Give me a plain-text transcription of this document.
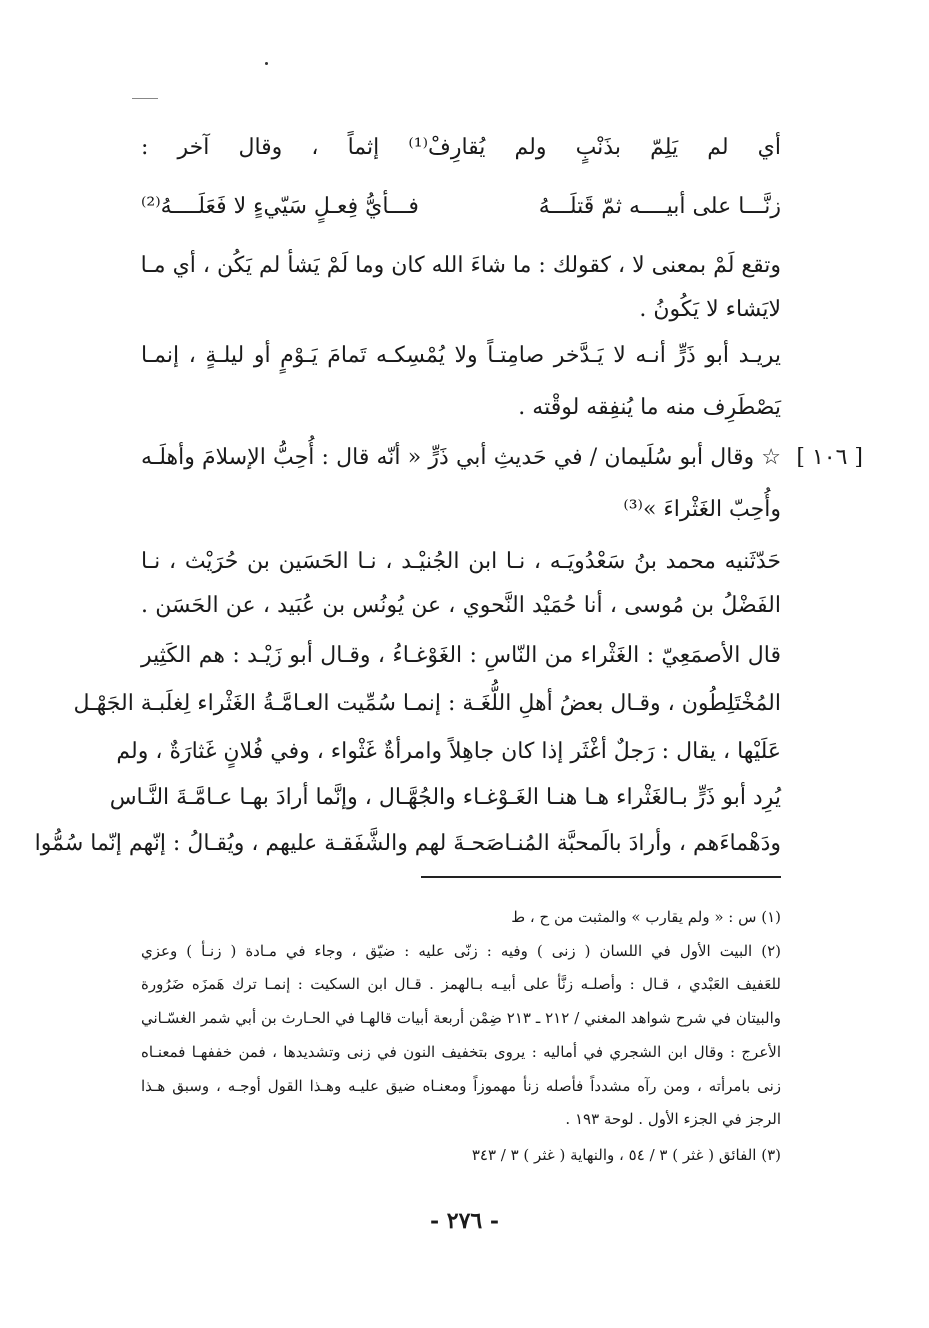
أي لم يَلِمّ بذَنْبٍ ولم يُقارِفْ⁽¹⁾ إثماً ، وقال آخر :
زنَّـــا على أبيــــه ثمّ قَتلَـــهُ
فـــأيُّ فِعـلٍ سَيّيءٍ لا فَعَلَــــهُ⁽²⁾
وتقع لَمْ بمعنى لا ، كقولك : ما شاءَ الله كان وما لَمْ يَشأ لم يَكُن ، أي مـا
لايَشاء لا يَكُونُ .
يريـد أبو ذَرٍّ أنـه لا يَـدَّخر صامِتـاً ولا يُمْسِكـه تَمامَ يَـوْمٍ أو ليلـةٍ ، إنمـا
يَصْطَرِف منه ما يُنفِقه لوقْته .
[ ١٠٦ ]
☆ وقال أبو سُلَيمان / في حَديثِ أبي ذَرٍّ « أنّه قال : أُحِبُّ الإسلامَ وأهلَـه
وأُحِبّ الغَثْراءَ »⁽³⁾
حَدّثَنيه محمد بنُ سَعْدُويَـه ، نـا ابن الجُنيْـد ، نـا الحَسَين بن حُرَيْث ، نـا
الفَضْلُ بن مُوسى ، أنا حُمَيْد النَّحوي ، عن يُونُس بن عُبَيد ، عن الحَسَن .
قال الأصمَعِيّ : الغَثْراء من النّاسِ : الغَوْغـاءُ ، وقـال أبو زَيْـد : هم الكَثِير
المُخْتَلِطُون ، وقـال بعضُ أهلِ اللُّغَـة : إنمـا سُمِّيت العـامَّـةُ الغَثْراء لِغلَبـة الجَهْـل
عَلَيْها ، يقال : رَجلٌ أغْثَر إذا كان جاهِلاً وامرأةٌ غَثْواء ، وفي فُلانٍ غَثارَةٌ ، ولم
يُرِد أبو ذَرٍّ بـالغَثْراء هـا هنـا الغَـوْغـاء والجُهَّـال ، وإنَّما أرادَ بهـا عـامَّـةَ النَّـاس
ودَهْماءَهم ، وأرادَ بالَمحبَّة المُنـاصَحـةَ لهم والشَّفَقـة عليهم ، ويُقـالُ : إنّهم إنّما سُمُّوا
(١) س : « ولم يقارب » والمثبت من ح ، ط
(٢) البيت الأول في اللسان ( زنى ) وفيه : زنّى عليه : ضيّق ، وجاء في مـادة ( زنـأ ) وعزي
للعَفيف العَبْدي ، قـال : وأصلـه زنَّأ على أبيـه بـالهمز . قـال ابن السكيت : إنمـا ترك هَمزَه ضَرُورة
والبيتان في شرح شواهد المغني / ٢١٢ ـ ٢١٣ ضِمْن أربعة أبيات قالهـا في الحـارث بن أبي شمر الغسّـاني
الأعرج : وقال ابن الشجري في أماليه : يروى بتخفيف النون في زنى وتشديدها ، فمن خففهـا فمعنـاه
زنى بامرأته ، ومن رآه مشدداً فأصله زنأ مهموزاً ومعنـاه ضيق عليـه وهـذا القول أوجـه ، وسبق هـذا
الرجز في الجزء الأول . لوحة ١٩٣ .
(٣) الفائق ( غثر ) ٣ / ٥٤ ، والنهاية ( غثر ) ٣ / ٣٤٣
- ٢٧٦ -
